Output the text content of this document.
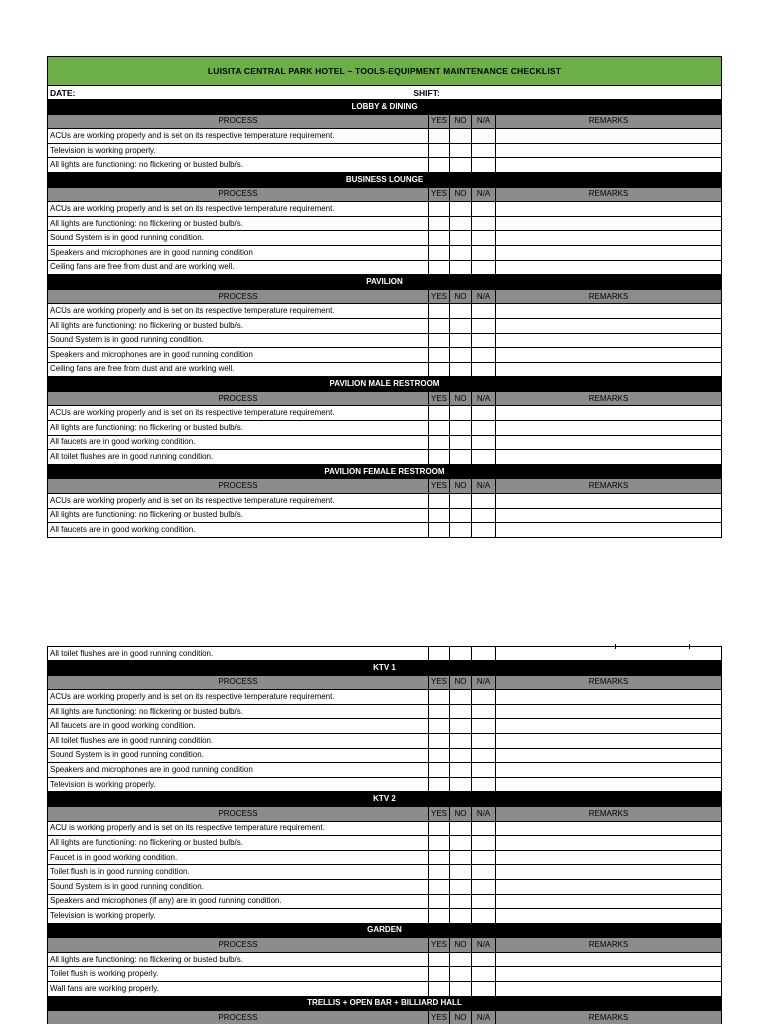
LUISITA CENTRAL PARK HOTEL ~ TOOLS-EQUIPMENT MAINTENANCE CHECKLIST				
DATE: SHIFT:				
LOBBY & DINING				
PROCESS	YES	NO	N/A	REMARKS
ACUs are working properly and is set on its respective temperature requirement.				
Television is working properly.				
All lights are functioning: no flickering or busted bulb/s.				
BUSINESS LOUNGE				
PROCESS	YES	NO	N/A	REMARKS
ACUs are working properly and is set on its respective temperature requirement.				
All lights are functioning: no flickering or busted bulb/s.				
Sound System is in good running condition.				
Speakers and microphones are in good running condition				
Ceiling fans are free from dust and are working well.				
PAVILION				
PROCESS	YES	NO	N/A	REMARKS
ACUs are working properly and is set on its respective temperature requirement.				
All lights are functioning: no flickering or busted bulb/s.				
Sound System is in good running condition.				
Speakers and microphones are in good running condition				
Ceiling fans are free from dust and are working well.				
PAVILION MALE RESTROOM				
PROCESS	YES	NO	N/A	REMARKS
ACUs are working properly and is set on its respective temperature requirement.				
All lights are functioning: no flickering or busted bulb/s.				
All faucets are in good working condition.				
All toilet flushes are in good running condition.				
PAVILION FEMALE RESTROOM				
PROCESS	YES	NO	N/A	REMARKS
ACUs are working properly and is set on its respective temperature requirement.				
All lights are functioning: no flickering or busted bulb/s.				
All faucets are in good working condition.				
All toilet flushes are in good running condition.				
KTV 1				
PROCESS	YES	NO	N/A	REMARKS
ACUs are working properly and is set on its respective temperature requirement.				
All lights are functioning: no flickering or busted bulb/s.				
All faucets are in good working condition.				
All toilet flushes are in good running condition.				
Sound System is in good running condition.				
Speakers and microphones are in good running condition				
Television is working properly.				
KTV 2				
PROCESS	YES	NO	N/A	REMARKS
ACU is working properly and is set on its respective temperature requirement.				
All lights are functioning: no flickering or busted bulb/s.				
Faucet is in good working condition.				
Toilet flush is in good running condition.				
Sound System is in good running condition.				
Speakers and microphones (if any) are in good running condition.				
Television is working properly.				
GARDEN				
PROCESS	YES	NO	N/A	REMARKS
All lights are functioning: no flickering or busted bulb/s.				
Toilet flush is working properly.				
Wall fans are working properly.				
TRELLIS + OPEN BAR + BILLIARD HALL				
PROCESS	YES	NO	N/A	REMARKS
